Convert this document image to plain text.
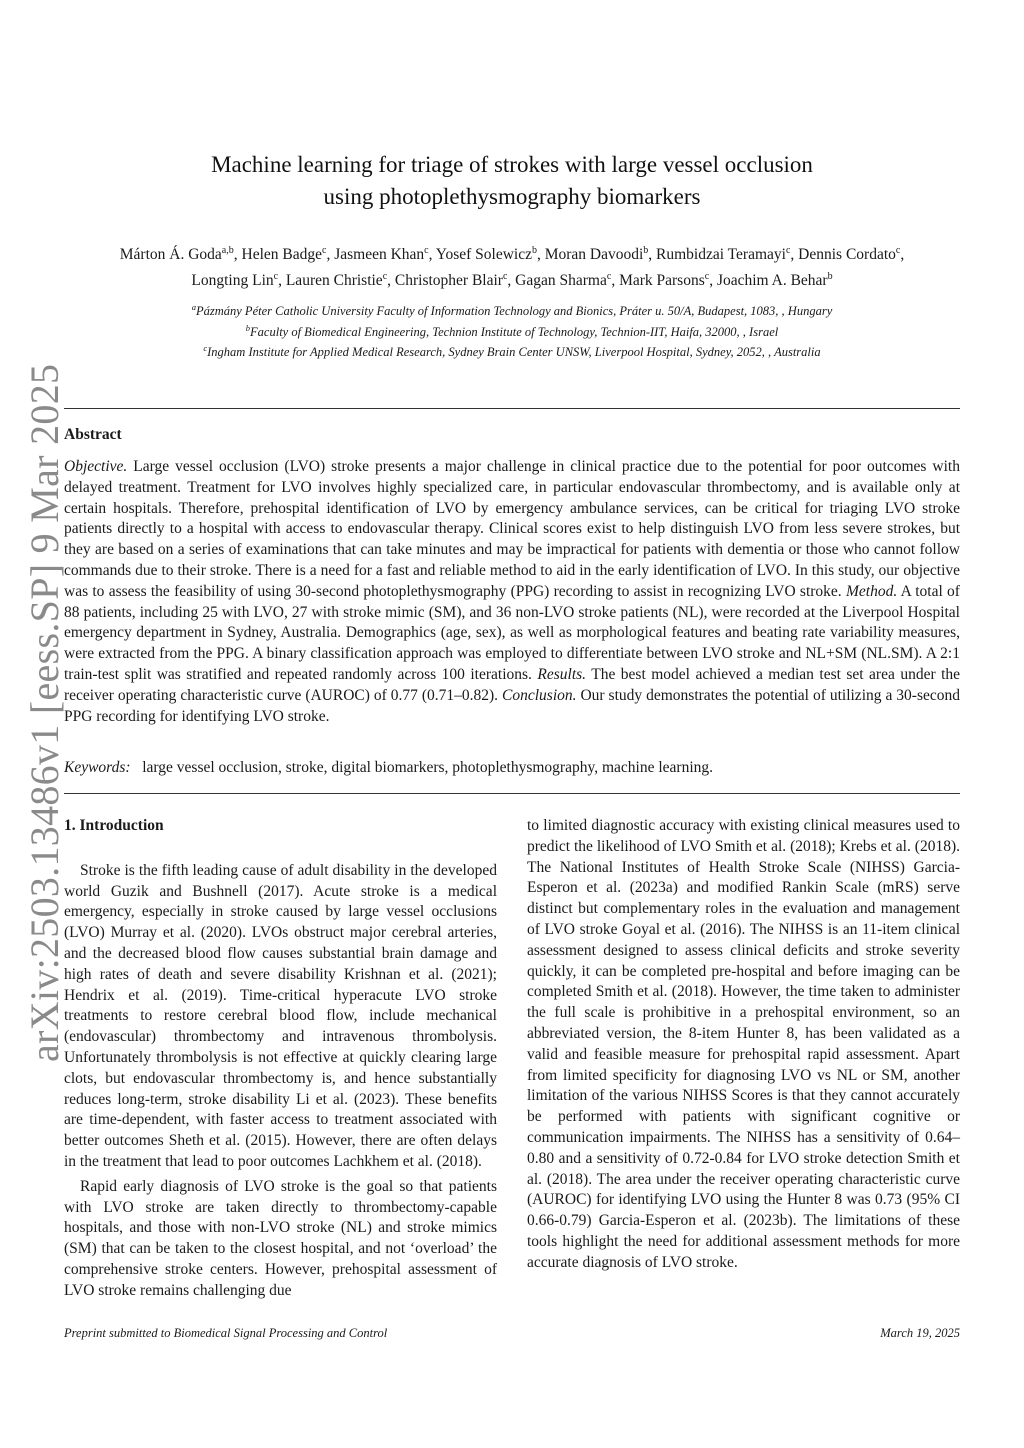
arXiv:2503.13486v1 [eess.SP] 9 Mar 2025
Machine learning for triage of strokes with large vessel occlusion
using photoplethysmography biomarkers
Márton Á. Goda$^{a,b}$, Helen Badge$^c$, Jasmeen Khan$^c$, Yosef Solewicz$^b$, Moran Davoodi$^b$, Rumbidzai Teramayi$^c$, Dennis Cordato$^c$,
Longting Lin$^c$, Lauren Christie$^c$, Christopher Blair$^c$, Gagan Sharma$^c$, Mark Parsons$^c$, Joachim A. Behar$^b$
$^a$Pázmány Péter Catholic University Faculty of Information Technology and Bionics, Práter u. 50/A, Budapest, 1083, , Hungary
$^b$Faculty of Biomedical Engineering, Technion Institute of Technology, Technion-IIT, Haifa, 32000, , Israel
$^c$Ingham Institute for Applied Medical Research, Sydney Brain Center UNSW, Liverpool Hospital, Sydney, 2052, , Australia
Abstract

Objective. Large vessel occlusion (LVO) stroke presents a major challenge in clinical practice due to the potential for poor outcomes with delayed treatment. Treatment for LVO involves highly specialized care, in particular endovascular thrombectomy, and is available only at certain hospitals. Therefore, prehospital identification of LVO by emergency ambulance services, can be critical for triaging LVO stroke patients directly to a hospital with access to endovascular therapy. Clinical scores exist to help distinguish LVO from less severe strokes, but they are based on a series of examinations that can take minutes and may be impractical for patients with dementia or those who cannot follow commands due to their stroke. There is a need for a fast and reliable method to aid in the early identification of LVO. In this study, our objective was to assess the feasibility of using 30-second photoplethysmography (PPG) recording to assist in recognizing LVO stroke. Method. A total of 88 patients, including 25 with LVO, 27 with stroke mimic (SM), and 36 non-LVO stroke patients (NL), were recorded at the Liverpool Hospital emergency department in Sydney, Australia. Demographics (age, sex), as well as morphological features and beating rate variability measures, were extracted from the PPG. A binary classification approach was employed to differentiate between LVO stroke and NL+SM (NL.SM). A 2:1 train-test split was stratified and repeated randomly across 100 iterations. Results. The best model achieved a median test set area under the receiver operating characteristic curve (AUROC) of 0.77 (0.71–0.82). Conclusion. Our study demonstrates the potential of utilizing a 30-second PPG recording for identifying LVO stroke.

Keywords: large vessel occlusion, stroke, digital biomarkers, photoplethysmography, machine learning.
1. Introduction

Stroke is the fifth leading cause of adult disability in the developed world Guzik and Bushnell (2017). Acute stroke is a medical emergency, especially in stroke caused by large vessel occlusions (LVO) Murray et al. (2020). LVOs obstruct major cerebral arteries, and the decreased blood flow causes substantial brain damage and high rates of death and severe disability Krishnan et al. (2021); Hendrix et al. (2019). Time-critical hyperacute LVO stroke treatments to restore cerebral blood flow, include mechanical (endovascular) thrombectomy and intravenous thrombolysis. Unfortunately thrombolysis is not effective at quickly clearing large clots, but endovascular thrombectomy is, and hence substantially reduces long-term, stroke disability Li et al. (2023). These benefits are time-dependent, with faster access to treatment associated with better outcomes Sheth et al. (2015). However, there are often delays in the treatment that lead to poor outcomes Lachkhem et al. (2018).

Rapid early diagnosis of LVO stroke is the goal so that patients with LVO stroke are taken directly to thrombectomy-capable hospitals, and those with non-LVO stroke (NL) and stroke mimics (SM) that can be taken to the closest hospital, and not ‘overload’ the comprehensive stroke centers. However, prehospital assessment of LVO stroke remains challenging due

to limited diagnostic accuracy with existing clinical measures used to predict the likelihood of LVO Smith et al. (2018); Krebs et al. (2018). The National Institutes of Health Stroke Scale (NIHSS) Garcia-Esperon et al. (2023a) and modified Rankin Scale (mRS) serve distinct but complementary roles in the evaluation and management of LVO stroke Goyal et al. (2016). The NIHSS is an 11-item clinical assessment designed to assess clinical deficits and stroke severity quickly, it can be completed pre-hospital and before imaging can be completed Smith et al. (2018). However, the time taken to administer the full scale is prohibitive in a prehospital environment, so an abbreviated version, the 8-item Hunter 8, has been validated as a valid and feasible measure for prehospital rapid assessment. Apart from limited specificity for diagnosing LVO vs NL or SM, another limitation of the various NIHSS Scores is that they cannot accurately be performed with patients with significant cognitive or communication impairments. The NIHSS has a sensitivity of 0.64–0.80 and a sensitivity of 0.72-0.84 for LVO stroke detection Smith et al. (2018). The area under the receiver operating characteristic curve (AUROC) for identifying LVO using the Hunter 8 was 0.73 (95% CI 0.66-0.79) Garcia-Esperon et al. (2023b). The limitations of these tools highlight the need for additional assessment methods for more accurate diagnosis of LVO stroke.

Preprint submitted to Biomedical Signal Processing and Control	March 19, 2025
